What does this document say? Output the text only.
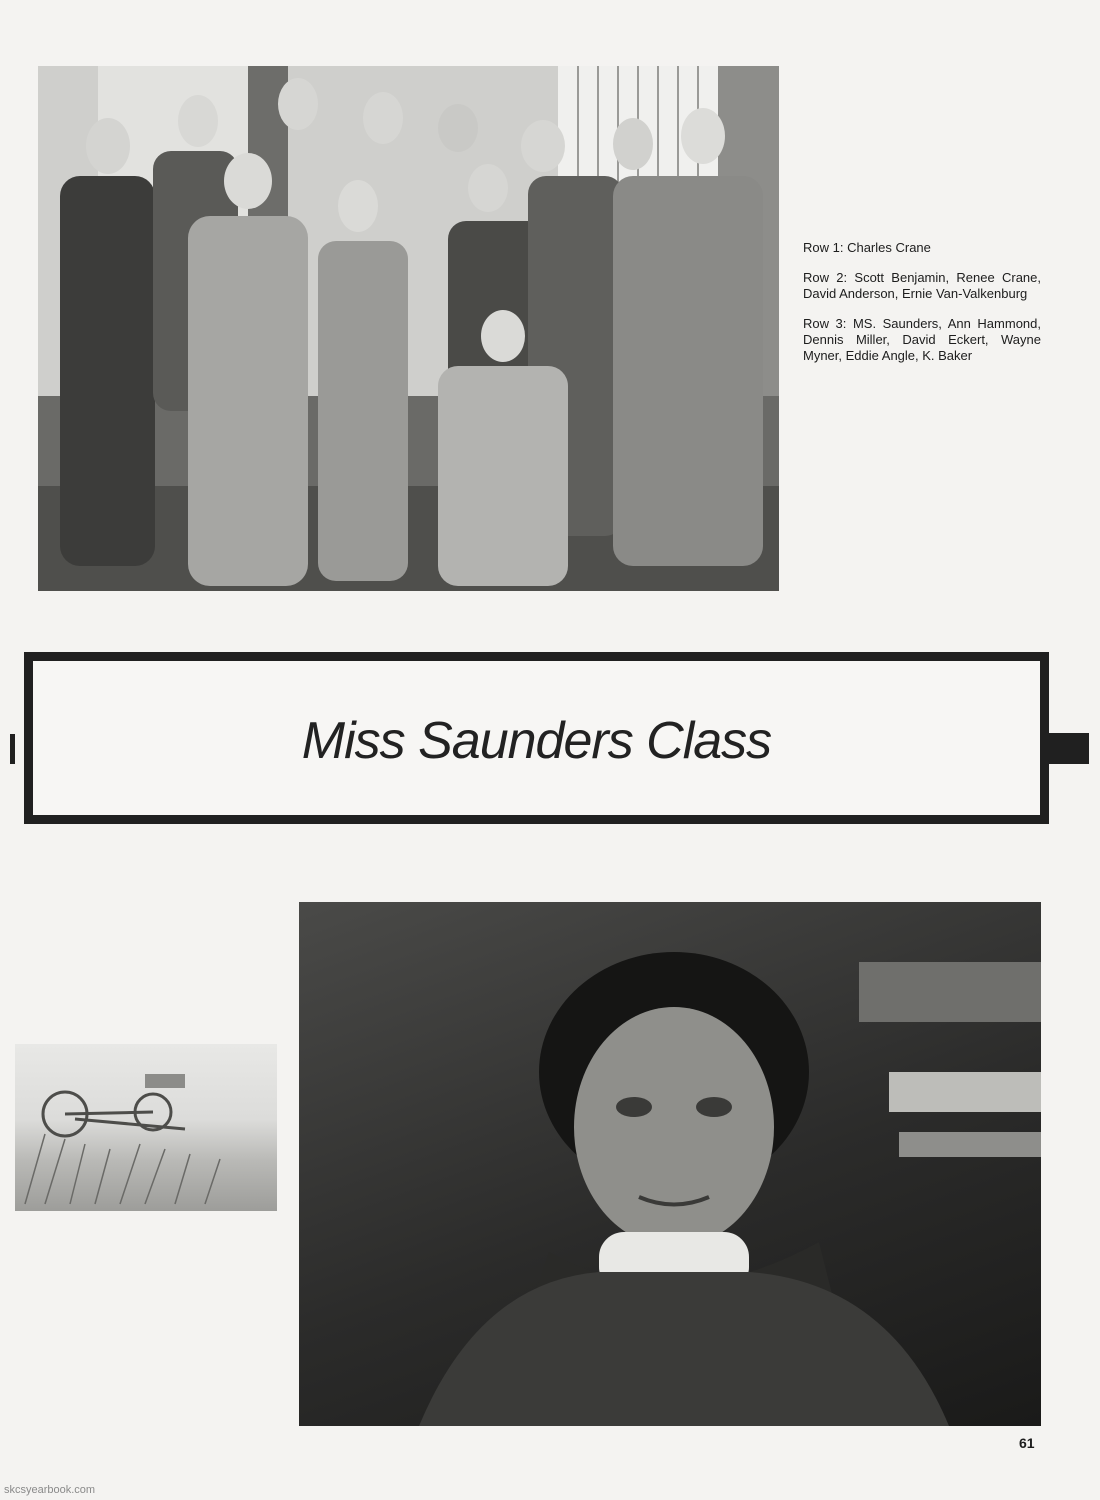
Row 1: Charles Crane

Row 2: Scott Benjamin, Renee Crane, David Anderson, Ernie Van-Valkenburg

Row 3: MS. Saunders, Ann Hammond, Dennis Miller, David Eckert, Wayne Myner, Eddie Angle, K. Baker

Miss Saunders Class
61
skcsyearbook.com
